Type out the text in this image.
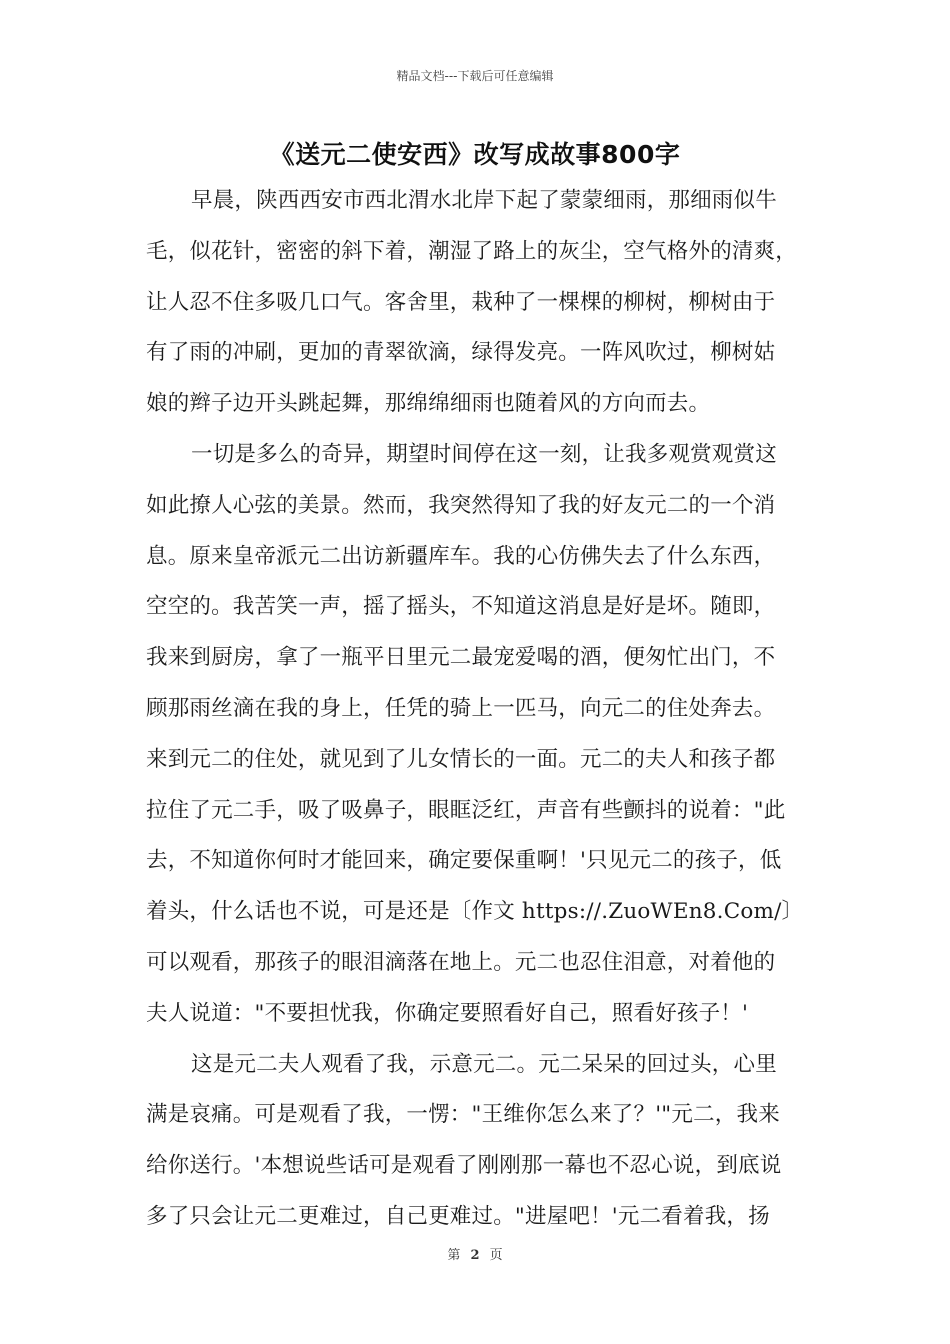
精品文档---下载后可任意编辑
《送元二使安西》改写成故事800字
早晨，陕西西安市西北渭水北岸下起了蒙蒙细雨，那细雨似牛
毛，似花针，密密的斜下着，潮湿了路上的灰尘，空气格外的清爽，
让人忍不住多吸几口气。客舍里，栽种了一棵棵的柳树，柳树由于
有了雨的冲刷，更加的青翠欲滴，绿得发亮。一阵风吹过，柳树姑
娘的辫子边开头跳起舞，那绵绵细雨也随着风的方向而去。
一切是多么的奇异，期望时间停在这一刻，让我多观赏观赏这
如此撩人心弦的美景。然而，我突然得知了我的好友元二的一个消
息。原来皇帝派元二出访新疆库车。我的心仿佛失去了什么东西，
空空的。我苦笑一声，摇了摇头，不知道这消息是好是坏。随即，
我来到厨房，拿了一瓶平日里元二最宠爱喝的酒，便匆忙出门，不
顾那雨丝滴在我的身上，任凭的骑上一匹马，向元二的住处奔去。
来到元二的住处，就见到了儿女情长的一面。元二的夫人和孩子都
拉住了元二手，吸了吸鼻子，眼眶泛红，声音有些颤抖的说着："此
去，不知道你何时才能回来，确定要保重啊！'只见元二的孩子，低
着头，什么话也不说，可是还是〔作文 https://.ZuoWEn8.Com/〕
可以观看，那孩子的眼泪滴落在地上。元二也忍住泪意，对着他的
夫人说道："不要担忧我，你确定要照看好自己，照看好孩子！'
这是元二夫人观看了我，示意元二。元二呆呆的回过头，心里
满是哀痛。可是观看了我，一愣："王维你怎么来了？'"元二，我来
给你送行。'本想说些话可是观看了刚刚那一幕也不忍心说，到底说
多了只会让元二更难过，自己更难过。"进屋吧！'元二看着我，扬
第 2 页
